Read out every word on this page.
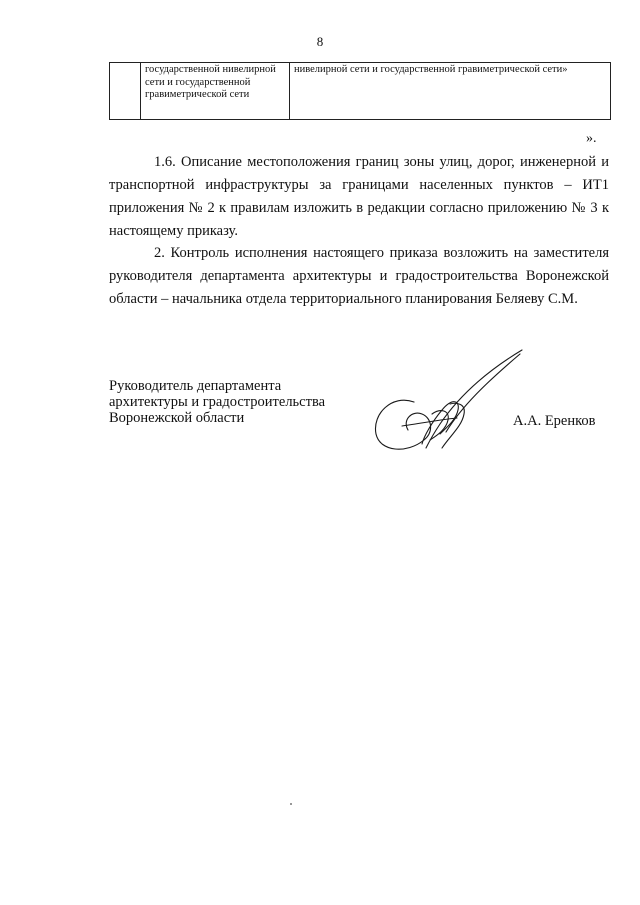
8
	государственной нивелирной сети и государственной гравиметрической сети	нивелирной сети и государственной гравиметрической сети»
».
1.6. Описание местоположения границ зоны улиц, дорог, инженерной и транспортной инфраструктуры за границами населенных пунктов – ИТ1 приложения № 2 к правилам изложить в редакции согласно приложению № 3 к настоящему приказу.
2. Контроль исполнения настоящего приказа возложить на заместителя руководителя департамента архитектуры и градостроительства Воронежской области – начальника отдела территориального планирования Беляеву С.М.
Руководитель департамента
архитектуры и градостроительства
Воронежской области	А.А. Еренков
